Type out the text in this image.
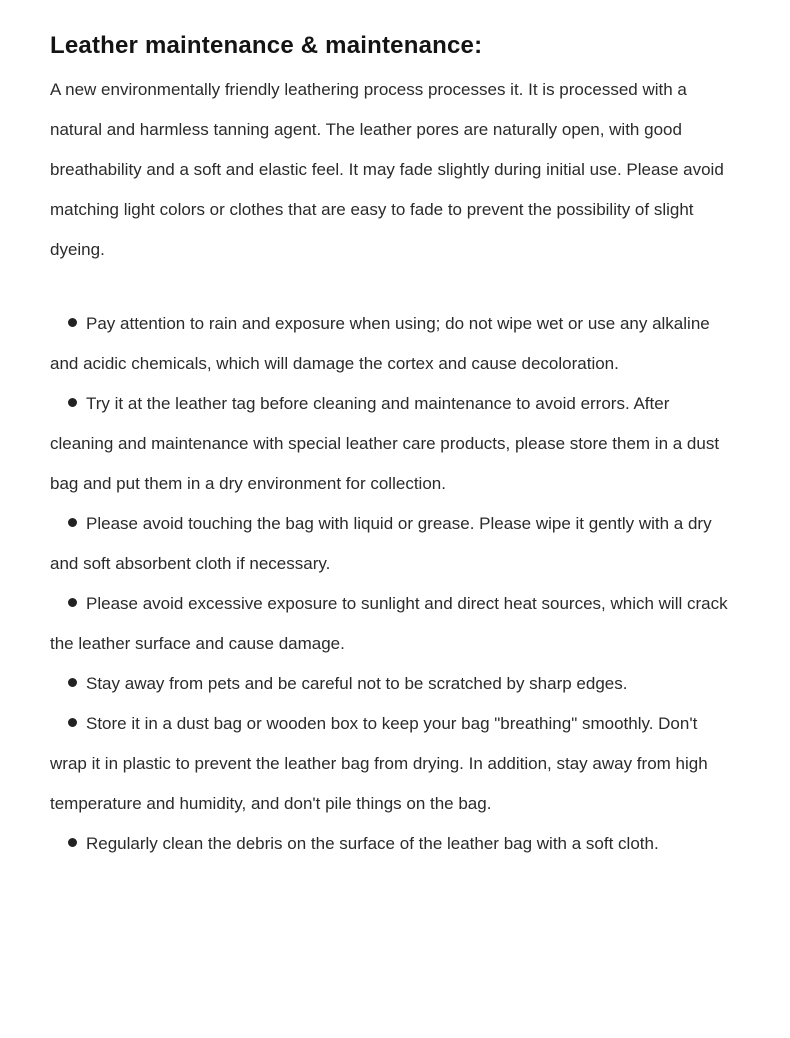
Leather maintenance & maintenance:

A new environmentally friendly leathering process processes it. It is processed with a natural and harmless tanning agent. The leather pores are naturally open, with good breathability and a soft and elastic feel. It may fade slightly during initial use. Please avoid matching light colors or clothes that are easy to fade to prevent the possibility of slight dyeing.

Pay attention to rain and exposure when using; do not wipe wet or use any alkaline and acidic chemicals, which will damage the cortex and cause decoloration.
Try it at the leather tag before cleaning and maintenance to avoid errors. After cleaning and maintenance with special leather care products, please store them in a dust bag and put them in a dry environment for collection.
Please avoid touching the bag with liquid or grease. Please wipe it gently with a dry and soft absorbent cloth if necessary.
Please avoid excessive exposure to sunlight and direct heat sources, which will crack the leather surface and cause damage.
Stay away from pets and be careful not to be scratched by sharp edges.
Store it in a dust bag or wooden box to keep your bag "breathing" smoothly. Don't wrap it in plastic to prevent the leather bag from drying. In addition, stay away from high temperature and humidity, and don't pile things on the bag.
Regularly clean the debris on the surface of the leather bag with a soft cloth.
